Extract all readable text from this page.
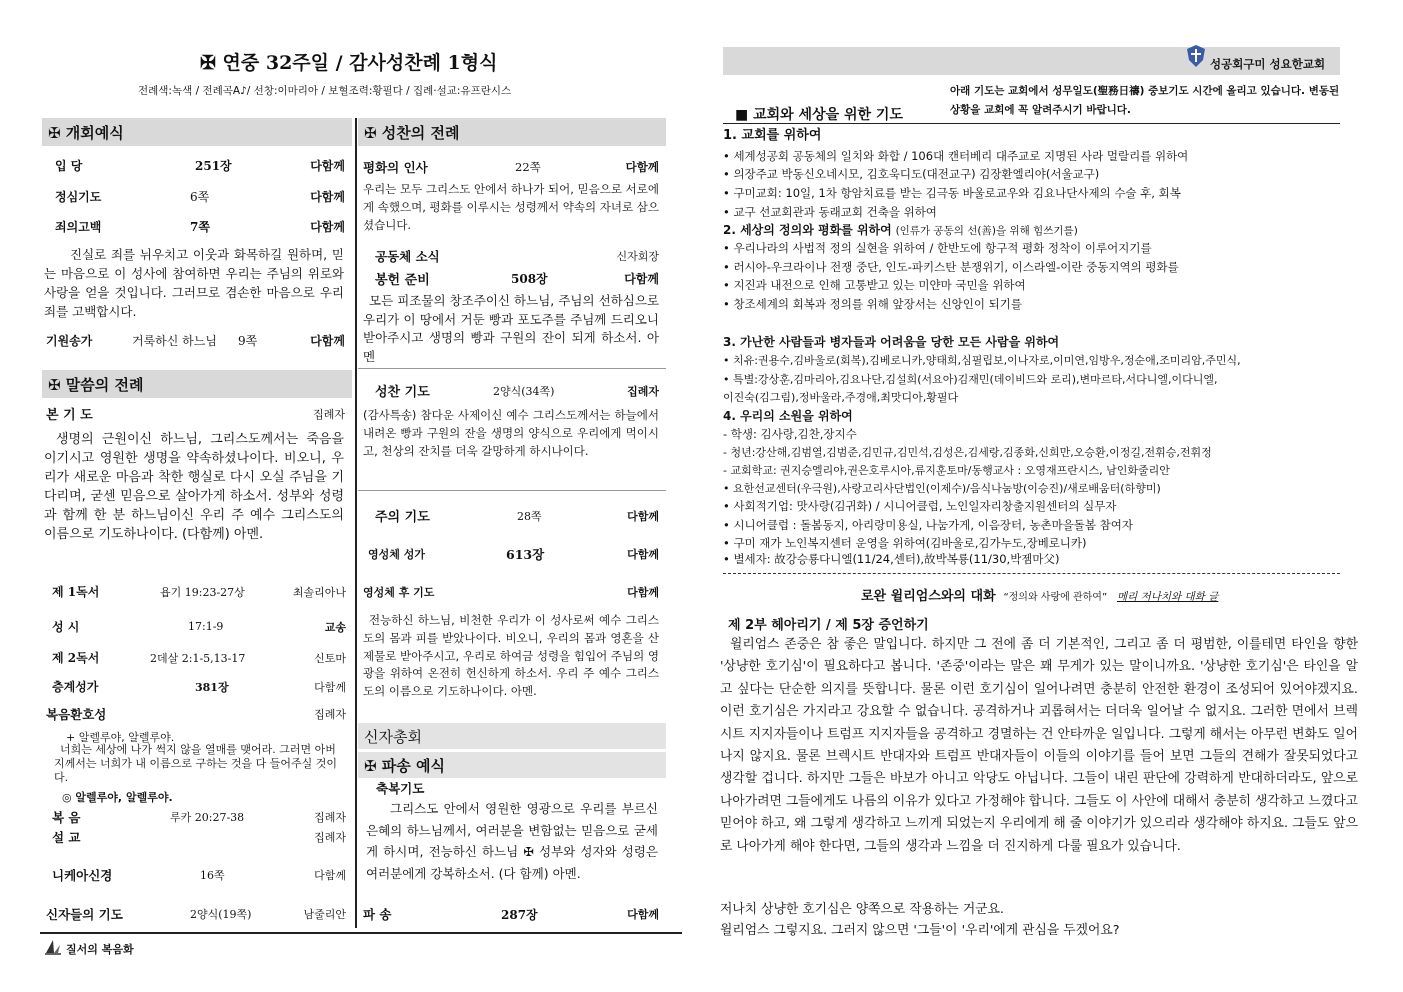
✠ 연중 32주일 / 감사성찬례 1형식
전례색:녹색 / 전례곡A♪/ 선창:이마리아 / 보혈조력:황필다 / 집례·설교:유프란시스
✠ 개회예식
입 당	251장	다함께
정심기도	6쪽	다함께
죄의고백	7쪽	다함께
진실로 죄를 뉘우치고 이웃과 화목하길 원하며, 믿는 마음으로 이 성사에 참여하면 우리는 주님의 위로와 사랑을 얻을 것입니다. 그러므로 겸손한 마음으로 우리 죄를 고백합시다.
기원송가	거룩하신 하느님	9쪽	다함께
✠ 말씀의 전례
본 기 도	집례자
생명의 근원이신 하느님, 그리스도께서는 죽음을 이기시고 영원한 생명을 약속하셨나이다. 비오니, 우리가 새로운 마음과 착한 행실로 다시 오실 주님을 기다리며, 굳센 믿음으로 살아가게 하소서. 성부와 성령과 함께 한 분 하느님이신 우리 주 예수 그리스도의 이름으로 기도하나이다. (다함께) 아멘.
제 1독서	욥기 19:23-27상	최솔리아나
성 시	17:1-9	교송
제 2독서	2데살 2:1-5,13-17	신토마
층계성가	381장	다함께
복음환호성	집례자
+ 알렐루야, 알렐루야.
너희는 세상에 나가 썩지 않을 열매를 맺어라. 그러면 아버지께서는 너희가 내 이름으로 구하는 것을 다 들어주실 것이다.
◎ 알렐루야, 알렐루야.
복 음	루카 20:27-38	집례자
설 교	집례자
니케아신경	16쪽	다함께
신자들의 기도	2양식(19쪽)	남줄리안
✠ 성찬의 전례
평화의 인사	22쪽	다함께
우리는 모두 그리스도 안에서 하나가 되어, 믿음으로 서로에게 속했으며, 평화를 이루시는 성령께서 약속의 자녀로 삼으셨습니다.
공동체 소식	신자회장
봉헌 준비	508장	다함께
모든 피조물의 창조주이신 하느님, 주님의 선하심으로 우리가 이 땅에서 거둔 빵과 포도주를 주님께 드리오니 받아주시고 생명의 빵과 구원의 잔이 되게 하소서. 아멘
성찬 기도	2양식(34쪽)	집례자
(감사특송) 참다운 사제이신 예수 그리스도께서는 하늘에서 내려온 빵과 구원의 잔을 생명의 양식으로 우리에게 먹이시고, 천상의 잔치를 더욱 갈망하게 하시나이다.
주의 기도	28쪽	다함께
영성체 성가	613장	다함께
영성체 후 기도	다함께
전능하신 하느님, 비천한 우리가 이 성사로써 예수 그리스도의 몸과 피를 받았나이다. 비오니, 우리의 몸과 영혼을 산 제물로 받아주시고, 우리로 하여금 성령을 힘입어 주님의 영광을 위하여 온전히 헌신하게 하소서. 우리 주 예수 그리스도의 이름으로 기도하나이다. 아멘.
신자총회
✠ 파송 예식
축복기도
그리스도 안에서 영원한 영광으로 우리를 부르신 은혜의 하느님께서, 여러분을 변함없는 믿음으로 굳세게 하시며, 전능하신 하느님 ✠ 성부와 성자와 성령은 여러분에게 강복하소서. (다 함께) 아멘.
파 송	287장	다함께
질서의 복음화
성공회구미 성요한교회
아래 기도는 교회에서 성무일도(聖務日禱) 중보기도 시간에 올리고 있습니다. 변동된 상황을 교회에 꼭 알려주시기 바랍니다.
■ 교회와 세상을 위한 기도
1. 교회를 위하여
• 세계성공회 공동체의 일치와 화합 / 106대 캔터베리 대주교로 지명된 사라 멀랄리를 위하여
• 의장주교 박동신오네시모, 김호욱디도(대전교구) 김장환엘리야(서울교구)
• 구미교회: 10일, 1차 항암치료를 받는 김극동 바울로교우와 김요나단사제의 수술 후, 회복
• 교구 선교회관과 동래교회 건축을 위하여
2. 세상의 정의와 평화를 위하여 (인류가 공동의 선(善)을 위해 힘쓰기를)
• 우리나라의 사법적 정의 실현을 위하여 / 한반도에 항구적 평화 정착이 이루어지기를
• 러시아-우크라이나 전쟁 중단, 인도-파키스탄 분쟁위기, 이스라엘-이란 중동지역의 평화를
• 지진과 내전으로 인해 고통받고 있는 미얀마 국민을 위하여
• 창조세계의 회복과 정의를 위해 앞장서는 신앙인이 되기를
3. 가난한 사람들과 병자들과 어려움을 당한 모든 사람을 위하여
• 치유:권용수,김바울로(회복),김베로니카,양태희,심필립보,이나자로,이미연,임방우,정순애,조미리암,주민식,
• 특별:강상훈,김마리아,김요나단,김설희(서요아)김재민(데이비드와 로리),변마르타,서다니엘,이다니엘,
이진숙(김그림),정바울라,주경애,최맛디아,황필다
4. 우리의 소원을 위하여
- 학생: 김사랑,김찬,장지수
- 청년:강산해,김범열,김범준,김민규,김민석,김성은,김세랑,김종화,신희만,오승환,이정길,전휘승,전휘정
- 교회학교: 권지승엘리야,권은호루시아,류지훈토마/동행교사 : 오영재프란시스, 남인화줄리안
• 요한선교센터(우극원),사랑고리사단법인(이제수)/음식나눔방(이승진)/새로배움터(하향미)
• 사회적기업: 맛사랑(김귀화) / 시니어클럽, 노인일자리창출지원센터의 실무자
• 시니어클럽 : 돌봄동지, 아리랑미용실, 나눔가게, 이음장터, 농촌마을돌봄 참여자
• 구미 재가 노인복지센터 운영을 위하여(김바울로,김가누도,장베로니카)
• 별세자: 故강승룡다니엘(11/24,센터),故박복룡(11/30,박젬마父)
로완 윌리엄스와의 대화 “정의와 사랑에 관하여” 메리 저나치와 대화 글
제 2부 헤아리기 / 제 5장 증언하기
윌리엄스 존중은 참 좋은 말입니다. 하지만 그 전에 좀 더 기본적인, 그리고 좀 더 평범한, 이를테면 타인을 향한 '상냥한 호기심'이 필요하다고 봅니다. '존중'이라는 말은 꽤 무게가 있는 말이니까요. '상냥한 호기심'은 타인을 알고 싶다는 단순한 의지를 뜻합니다. 물론 이런 호기심이 일어나려면 충분히 안전한 환경이 조성되어 있어야겠지요. 이런 호기심은 가지라고 강요할 수 없습니다. 공격하거나 괴롭혀서는 더더욱 일어날 수 없지요. 그러한 면에서 브렉시트 지지자들이나 트럼프 지지자들을 공격하고 경멸하는 건 안타까운 일입니다. 그렇게 해서는 아무런 변화도 일어나지 않지요. 물론 브렉시트 반대자와 트럼프 반대자들이 이들의 이야기를 들어 보면 그들의 견해가 잘못되었다고 생각할 겁니다. 하지만 그들은 바보가 아니고 악당도 아닙니다. 그들이 내린 판단에 강력하게 반대하더라도, 앞으로 나아가려면 그들에게도 나름의 이유가 있다고 가정해야 합니다. 그들도 이 사안에 대해서 충분히 생각하고 느꼈다고 믿어야 하고, 왜 그렇게 생각하고 느끼게 되었는지 우리에게 해 줄 이야기가 있으리라 생각해야 하지요. 그들도 앞으로 나아가게 해야 한다면, 그들의 생각과 느낌을 더 진지하게 다룰 필요가 있습니다.
저나치 상냥한 호기심은 양쪽으로 작용하는 거군요.
윌리엄스 그렇지요. 그러지 않으면 '그들'이 '우리'에게 관심을 두겠어요?
